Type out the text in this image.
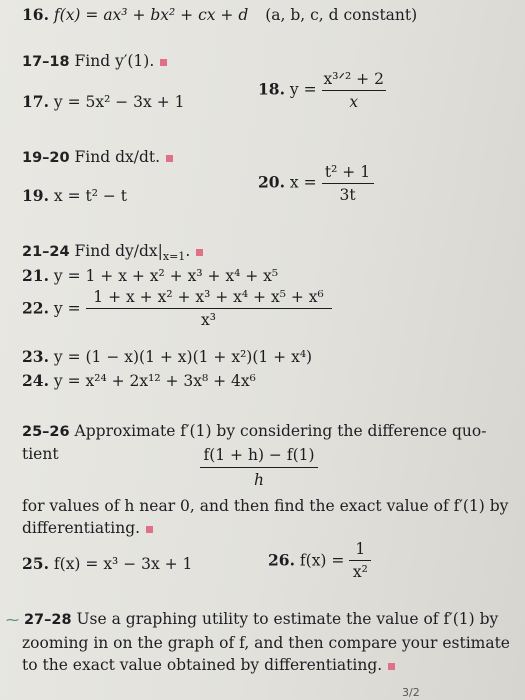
16. f(x) = ax³ + bx² + cx + d (a, b, c, d constant)
17–18 Find y′(1).
17. y = 5x² − 3x + 1
18. $y = \frac{\text{x³ᐟ² + 2}}{x}$
19–20 Find dx/dt.
19. x = t² − t
20. $x = \frac{\text{t² + 1}}{3t}$
21–24 Find $dy/dx|_{x=1}$.
21. y = 1 + x + x² + x³ + x⁴ + x⁵
22. $y = \frac{\text{1 + x + x² + x³ + x⁴ + x⁵ + x⁶}}{\text{x³}}$
23. y = (1 − x)(1 + x)(1 + x²)(1 + x⁴)
24. y = x²⁴ + 2x¹² + 3x⁸ + 4x⁶
25–26 Approximate f′(1) by considering the difference quo-
tient	$\frac{f(1 + h) - f(1)}{h}$
for values of h near 0, and then find the exact value of f′(1) by
differentiating.
25. f(x) = x³ − 3x + 1	26. $f(x) = \frac{1}{\text{x²}}$
⁓ 27–28 Use a graphing utility to estimate the value of f′(1) by
zooming in on the graph of f, and then compare your estimate
to the exact value obtained by differentiating.
3/2
